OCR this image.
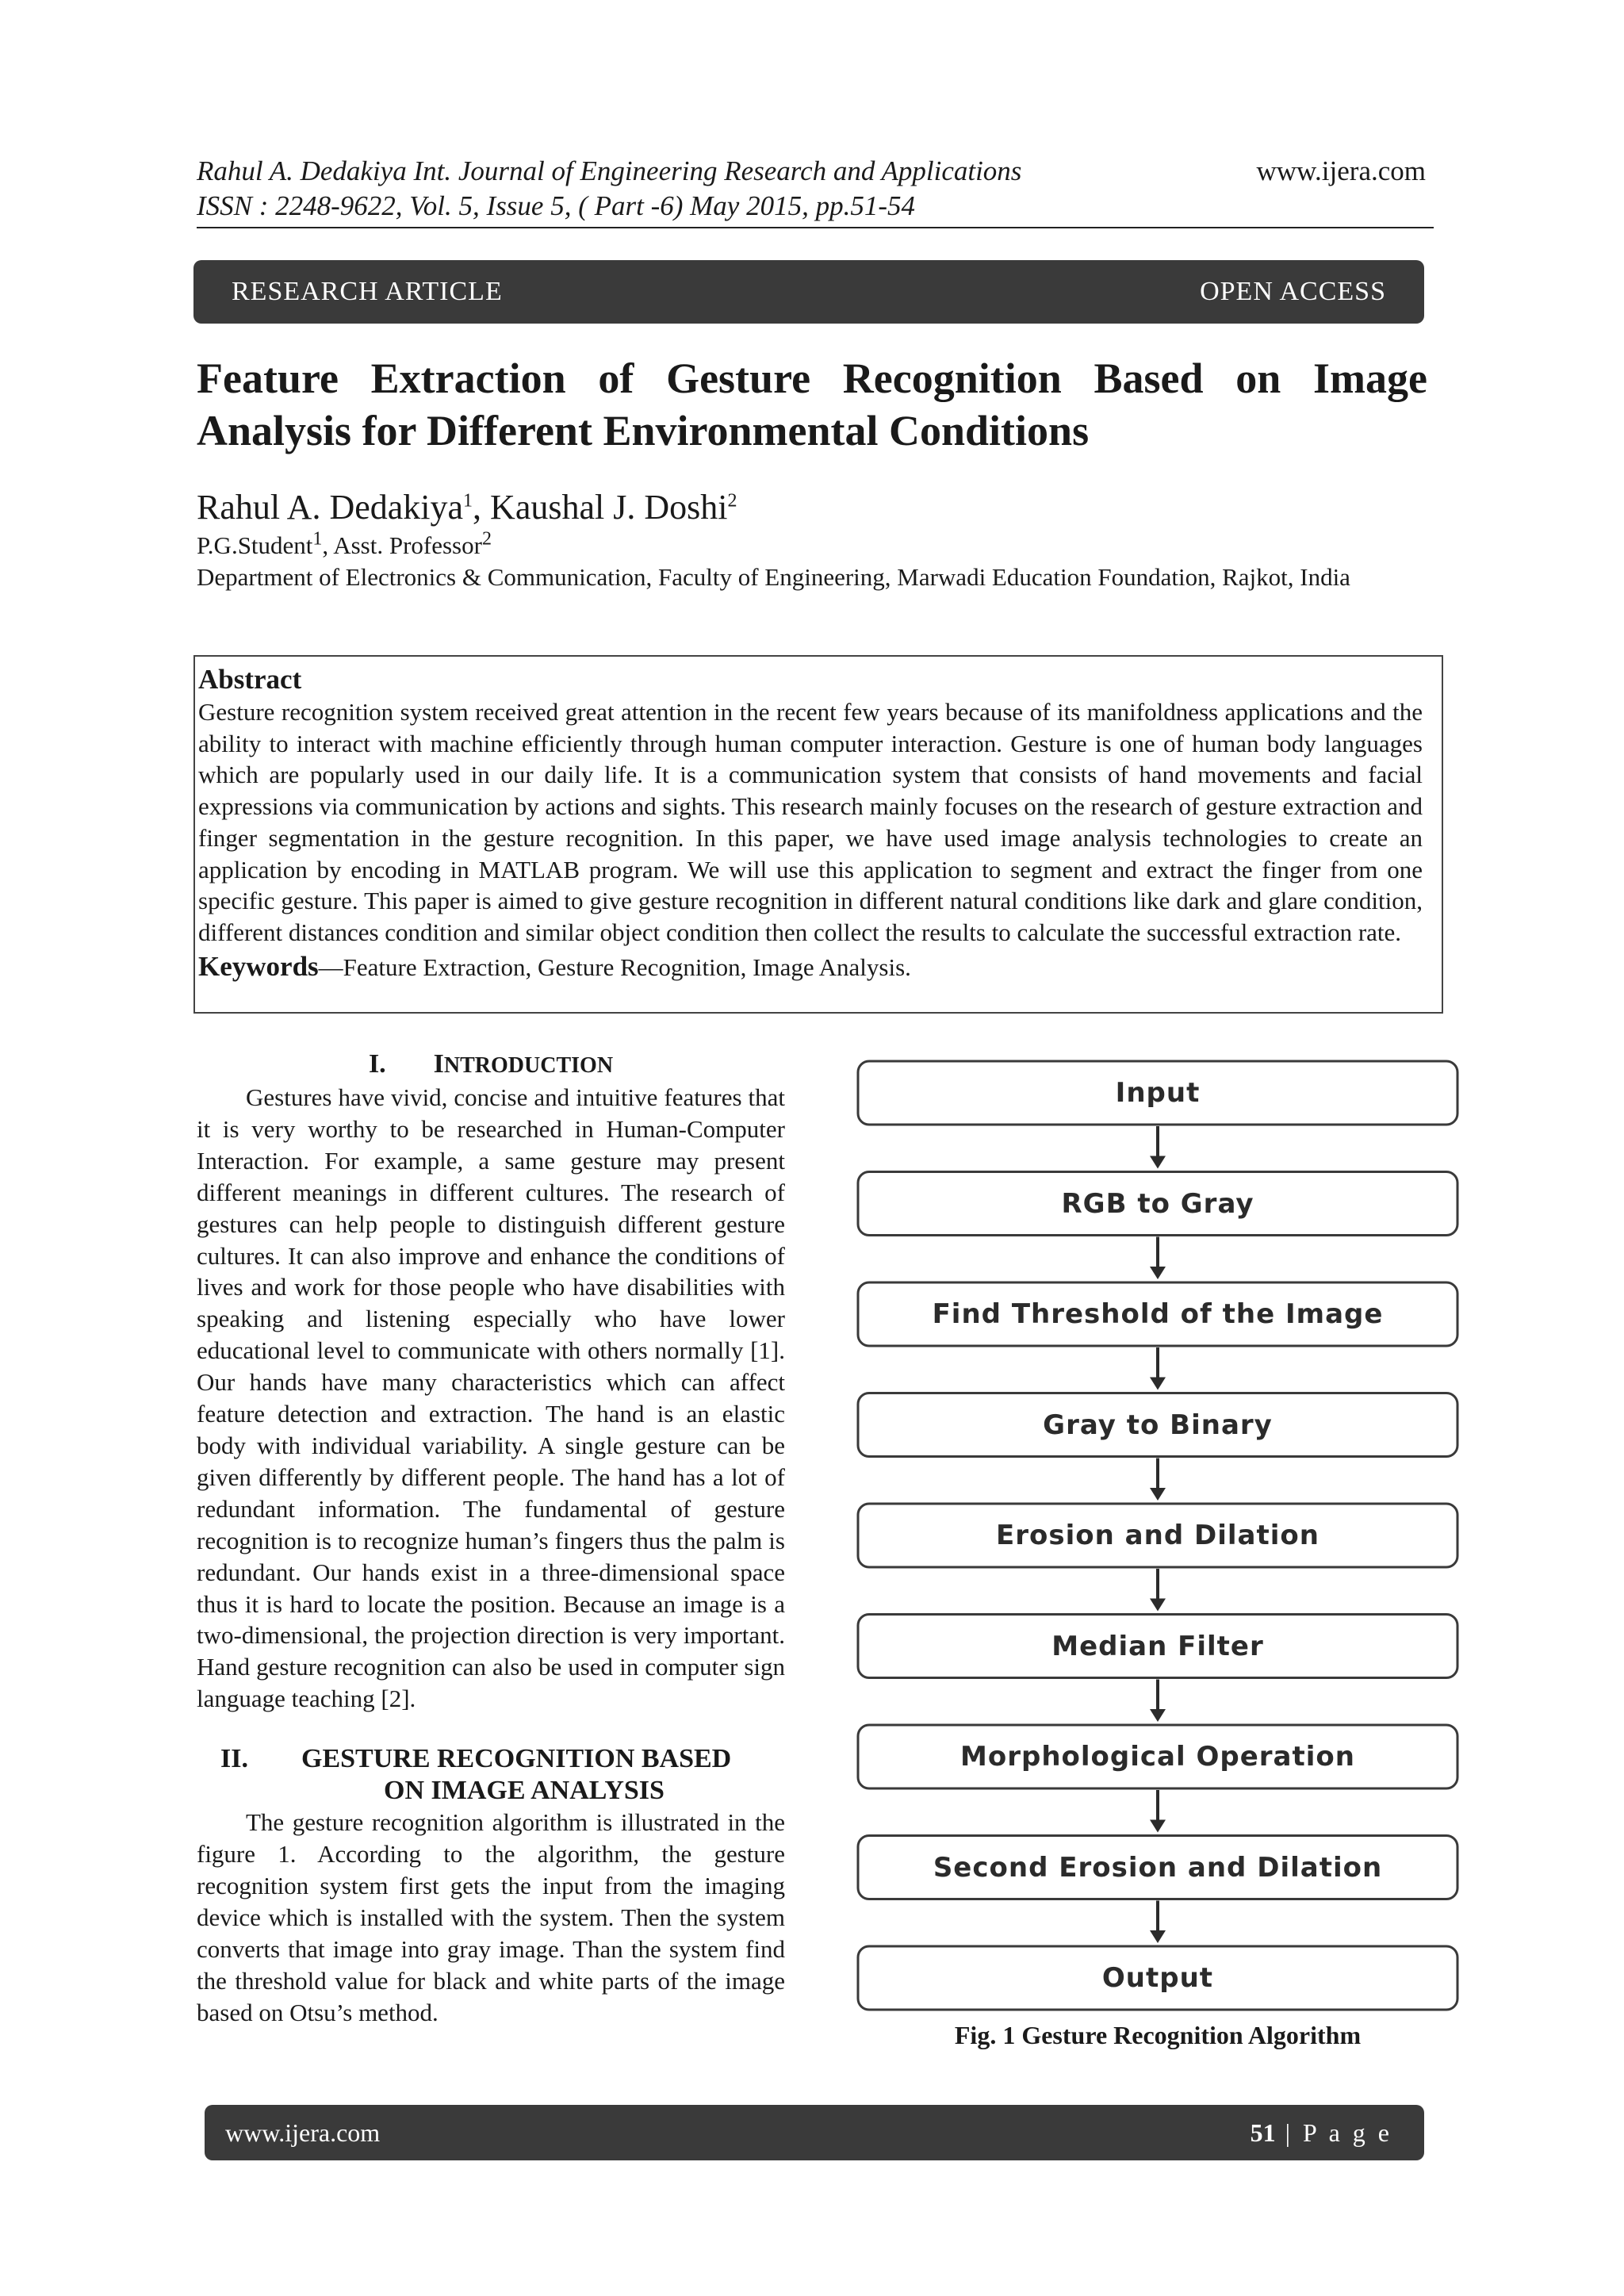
Rahul A. Dedakiya Int. Journal of Engineering Research and Applications	www.ijera.com
ISSN : 2248-9622, Vol. 5, Issue 5, ( Part -6) May 2015, pp.51-54
RESEARCH ARTICLE	OPEN ACCESS
Feature Extraction of Gesture Recognition Based on Image Analysis for Different Environmental Conditions
Rahul A. Dedakiya$^1$, Kaushal J. Doshi$^2$
P.G.Student$^1$, Asst. Professor$^2$
Department of Electronics & Communication, Faculty of Engineering, Marwadi Education Foundation, Rajkot, India
Abstract

Gesture recognition system received great attention in the recent few years because of its manifoldness applications and the ability to interact with machine efficiently through human computer interaction. Gesture is one of human body languages which are popularly used in our daily life. It is a communication system that consists of hand movements and facial expressions via communication by actions and sights. This research mainly focuses on the research of gesture extraction and finger segmentation in the gesture recognition. In this paper, we have used image analysis technologies to create an application by encoding in MATLAB program. We will use this application to segment and extract the finger from one specific gesture. This paper is aimed to give gesture recognition in different natural conditions like dark and glare condition, different distances condition and similar object condition then collect the results to calculate the successful extraction rate.

Keywords—Feature Extraction, Gesture Recognition, Image Analysis.
I. INTRODUCTION

Gestures have vivid, concise and intuitive features that it is very worthy to be researched in Human-Computer Interaction. For example, a same gesture may present different meanings in different cultures. The research of gestures can help people to distinguish different gesture cultures. It can also improve and enhance the conditions of lives and work for those people who have disabilities with speaking and listening especially who have lower educational level to communicate with others normally [1]. Our hands have many characteristics which can affect feature detection and extraction. The hand is an elastic body with individual variability. A single gesture can be given differently by different people. The hand has a lot of redundant information. The fundamental of gesture recognition is to recognize human’s fingers thus the palm is redundant. Our hands exist in a three-dimensional space thus it is hard to locate the position. Because an image is a two-dimensional, the projection direction is very important. Hand gesture recognition can also be used in computer sign language teaching [2].

II. GESTURE RECOGNITION BASED
ON IMAGE ANALYSIS

The gesture recognition algorithm is illustrated in the figure 1. According to the algorithm, the gesture recognition system first gets the input from the imaging device which is installed with the system. Then the system converts that image into gray image. Than the system find the threshold value for black and white parts of the image based on Otsu’s method.

Input
RGB to Gray
Find Threshold of the Image
Gray to Binary
Erosion and Dilation
Median Filter
Morphological Operation
Second Erosion and Dilation
Output
Fig. 1 Gesture Recognition Algorithm
www.ijera.com	51 | P a g e
